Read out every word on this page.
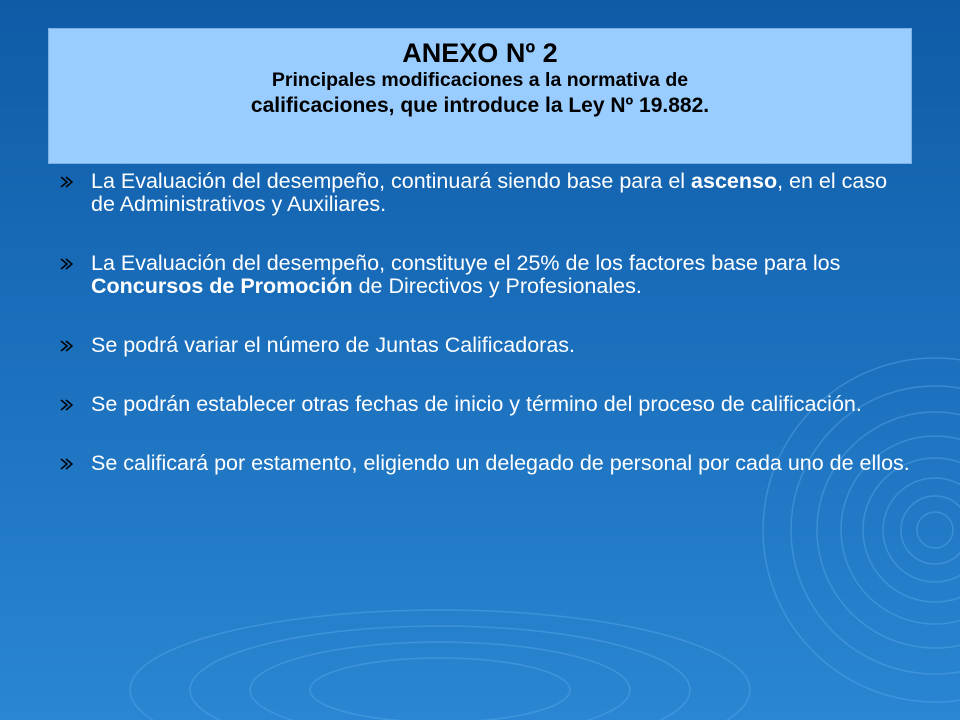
ANEXO Nº 2
Principales modificaciones a la normativa de
calificaciones, que introduce la Ley Nº 19.882.
La Evaluación del desempeño, continuará siendo base para el ascenso, en el caso de Administrativos y Auxiliares.
La Evaluación del desempeño, constituye el 25% de los factores base para los Concursos de Promoción de Directivos y Profesionales.
Se podrá variar el número de Juntas Calificadoras.
Se podrán establecer otras fechas de inicio y término del proceso de calificación.
Se calificará por estamento, eligiendo un delegado de personal por cada uno de ellos.
